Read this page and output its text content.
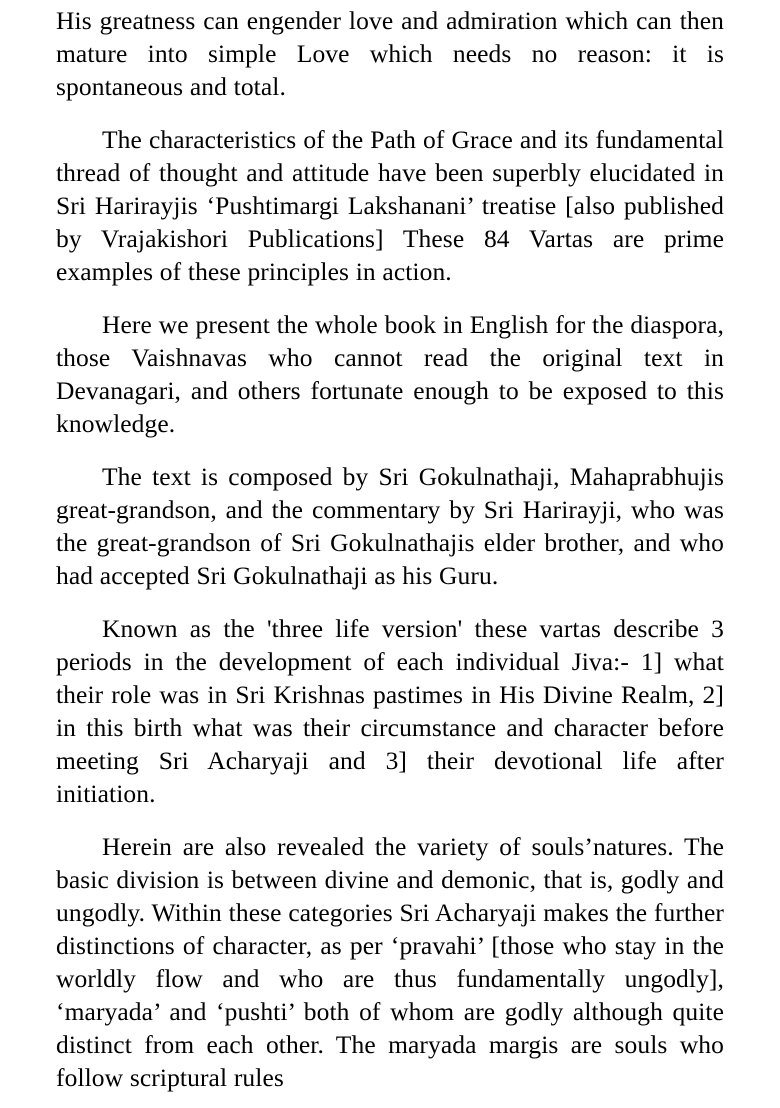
His greatness can engender love and admiration which can then mature into simple Love which needs no reason: it is spontaneous and total.

The characteristics of the Path of Grace and its fundamental thread of thought and attitude have been superbly elucidated in Sri Harirayjis ‘Pushtimargi Lakshanani’ treatise [also published by Vrajakishori Publications] These 84 Vartas are prime examples of these principles in action.

Here we present the whole book in English for the diaspora, those Vaishnavas who cannot read the original text in Devanagari, and others fortunate enough to be exposed to this knowledge.

The text is composed by Sri Gokulnathaji, Mahaprabhujis great-grandson, and the commentary by Sri Harirayji, who was the great-grandson of Sri Gokulnathajis elder brother, and who had accepted Sri Gokulnathaji as his Guru.

Known as the 'three life version' these vartas describe 3 periods in the development of each individual Jiva:- 1] what their role was in Sri Krishnas pastimes in His Divine Realm, 2] in this birth what was their circumstance and character before meeting Sri Acharyaji and 3] their devotional life after initiation.

Herein are also revealed the variety of souls’natures. The basic division is between divine and demonic, that is, godly and ungodly. Within these categories Sri Acharyaji makes the further distinctions of character, as per ‘pravahi’ [those who stay in the worldly flow and who are thus fundamentally ungodly], ‘maryada’ and ‘pushti’ both of whom are godly although quite distinct from each other. The maryada margis are souls who follow scriptural rules
